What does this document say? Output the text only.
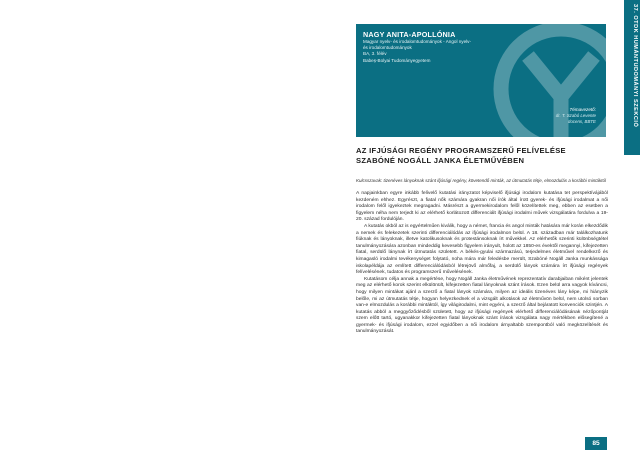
NAGY ANITA-APOLLÓNIA
Magyar nyelv- és irodalomtudományok - Angol nyelv-
és irodalomtudományok
BA, 3. félév
Babeș-Bolyai Tudományegyetem
Témavezető:
dr. T. Szabó Levente
docens, BBTE	37. OTDK HUMÁNTUDOMÁNYI SZEKCIÓ
AZ IFJÚSÁGI REGÉNY PROGRAMSZERŰ FELÍVELÉSE
SZABÓNÉ NOGÁLL JANKA ÉLETMŰVÉBEN
Kulcsszavak: tizenéves lányoknak szánt ifjúsági regény, követendő minták, az útmutatás tétje, elmozdulás a korábbi mintáktól

A napjainkban egyre inkább felívelő kutatási irányzatot képviselő ifjúsági irodalom kutatása tet perspektívájából kezdeném ehhez. Egyrészt, a fiatal nők számára gyakran női írók által írott gyerek- és ifjúsági irodalmat a női irodalom felől igyekeztek megragadni. Másrészt a gyermekirodalom felől közelítettek meg, ebben az esetben a figyelem néha nem terjedt ki az elérhető korlátozott differenciált ifjúsági irodalmi művek vizsgálatára fordulva a 19-20. század fordulóján.

A kutatás okból az is egyértelműen kiválik, hogy a német, francia és angol minták hatására már korán elkezdődik a nemek és felekezetek szerinti differenciálódás az ifjúsági irodalmon belül. A 18. században már találkozhatunk fiúknak és lányoknak, illetve katolikusoknak és protestánsoknak írt művekkel. Az elérhetők szerinti különbségtétel tanulmányozására azonban mindeddig kevesebb figyelem irányult, holott az 1850-es évektől megannyi, kifejezetten fiatal, serdülő lánynak írt útmutatás született. A békés-gyulai származású, terjedelmes életművel rendelkező és kimagasló irodalmi tevékenységet folytató, noha mára már feledésbe merült, Szabóné Nogáll Janka munkássága iskolapéldája az említett differenciálódásból létrejövő almőfaj, a serdülő lányok számára írt ifjúsági regények felívelésének, tudatos és programszerű művelésének.

Kutatásom célja annak a megértése, hogy Nogáll Janka életművének reprezentatív darabjaiban miként jelentek meg az elérhető korok szerint elkülönült, kifejezetten fiatal lányoknak szánt írások. Ezen belül arra vagyok kíváncsi, hogy milyen mintákat ajánl a szerző a fiatal lányok számára, milyen az ideális tizenéves lány képe, mi hiányzik belőle, mi az útmutatás tétje, hogyan helyezkednek el a vizsgált alkotások az életművön belül, nem utolsó sorban van-e elmozdulás a korábbi mintáktól, így világirodalmi, mint egyéni, a szerző által bejáratott konvenciók szintjén. A kutatás abból a meggyőződésből született, hogy az ifjúsági regények elérhető differenciálódásának nézőpontját szem előtt tartó, ugyanakkor kifejezetten fiatal lányoknak szánt írások vizsgálata nagy mértékben elősegítené a gyermek- és ifjúsági irodalom, ezzel egyidőben a női irodalom árnyaltabb szempontból való megközelítését és tanulmányozását.

85
